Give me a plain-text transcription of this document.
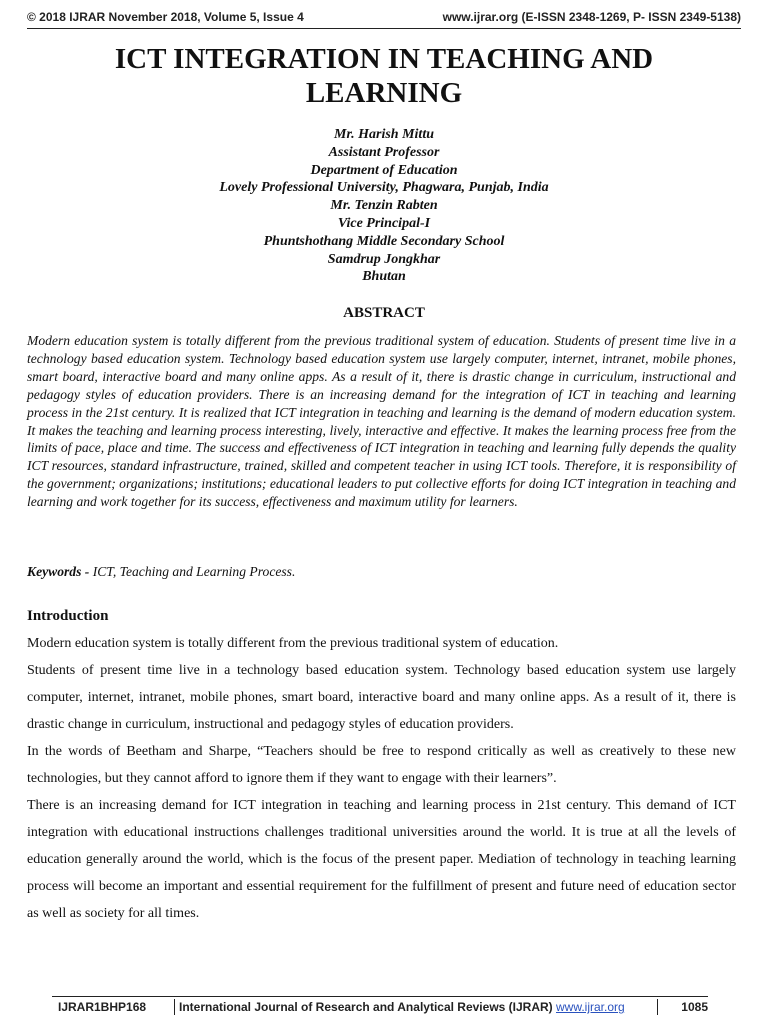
© 2018 IJRAR November 2018, Volume 5, Issue 4	www.ijrar.org (E-ISSN 2348-1269, P- ISSN 2349-5138)
ICT INTEGRATION IN TEACHING AND
LEARNING
Mr. Harish Mittu
Assistant Professor
Department of Education
Lovely Professional University, Phagwara, Punjab, India
Mr. Tenzin Rabten
Vice Principal-I
Phuntshothang Middle Secondary School
Samdrup Jongkhar
Bhutan
ABSTRACT

Modern education system is totally different from the previous traditional system of education. Students of present time live in a technology based education system. Technology based education system use largely computer, internet, intranet, mobile phones, smart board, interactive board and many online apps. As a result of it, there is drastic change in curriculum, instructional and pedagogy styles of education providers. There is an increasing demand for the integration of ICT in teaching and learning process in the 21st century. It is realized that ICT integration in teaching and learning is the demand of modern education system. It makes the teaching and learning process interesting, lively, interactive and effective. It makes the learning process free from the limits of pace, place and time. The success and effectiveness of ICT integration in teaching and learning fully depends the quality ICT resources, standard infrastructure, trained, skilled and competent teacher in using ICT tools. Therefore, it is responsibility of the government; organizations; institutions; educational leaders to put collective efforts for doing ICT integration in teaching and learning and work together for its success, effectiveness and maximum utility for learners.

Keywords - ICT, Teaching and Learning Process.
Introduction

Modern education system is totally different from the previous traditional system of education.

Students of present time live in a technology based education system. Technology based education system use largely computer, internet, intranet, mobile phones, smart board, interactive board and many online apps. As a result of it, there is drastic change in curriculum, instructional and pedagogy styles of education providers.

In the words of Beetham and Sharpe, “Teachers should be free to respond critically as well as creatively to these new technologies, but they cannot afford to ignore them if they want to engage with their learners”.

There is an increasing demand for ICT integration in teaching and learning process in 21st century. This demand of ICT integration with educational instructions challenges traditional universities around the world. It is true at all the levels of education generally around the world, which is the focus of the present paper. Mediation of technology in teaching learning process will become an important and essential requirement for the fulfillment of present and future need of education sector as well as society for all times.

IJRAR1BHP168	International Journal of Research and Analytical Reviews (IJRAR) www.ijrar.org	1085
